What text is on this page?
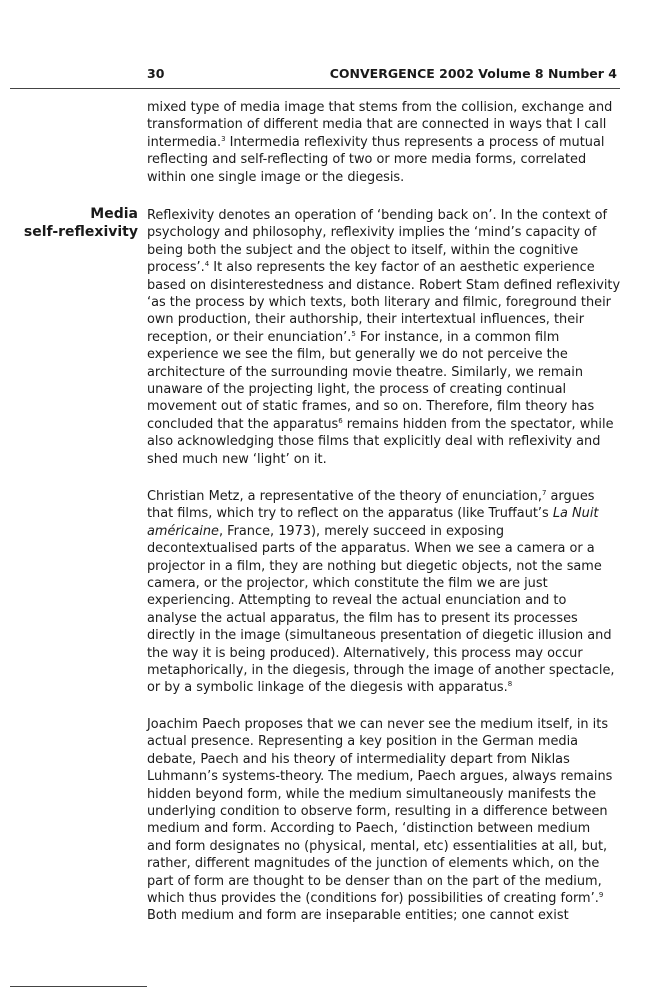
30	CONVERGENCE 2002 Volume 8 Number 4
Media
self-reflexivity
mixed type of media image that stems from the collision, exchange and
transformation of different media that are connected in ways that I call
intermedia.$^3$ Intermedia reflexivity thus represents a process of mutual
reflecting and self-reflecting of two or more media forms, correlated
within one single image or the diegesis.
Reflexivity denotes an operation of ‘bending back on’. In the context of
psychology and philosophy, reflexivity implies the ‘mind’s capacity of
being both the subject and the object to itself, within the cognitive
process’.$^4$ It also represents the key factor of an aesthetic experience
based on disinterestedness and distance. Robert Stam defined reflexivity
‘as the process by which texts, both literary and filmic, foreground their
own production, their authorship, their intertextual influences, their
reception, or their enunciation’.$^5$ For instance, in a common film
experience we see the film, but generally we do not perceive the
architecture of the surrounding movie theatre. Similarly, we remain
unaware of the projecting light, the process of creating continual
movement out of static frames, and so on. Therefore, film theory has
concluded that the apparatus$^6$ remains hidden from the spectator, while
also acknowledging those films that explicitly deal with reflexivity and
shed much new ‘light’ on it.
Christian Metz, a representative of the theory of enunciation,$^7$ argues
that films, which try to reflect on the apparatus (like Truffaut’s La Nuit
américaine, France, 1973), merely succeed in exposing
decontextualised parts of the apparatus. When we see a camera or a
projector in a film, they are nothing but diegetic objects, not the same
camera, or the projector, which constitute the film we are just
experiencing. Attempting to reveal the actual enunciation and to
analyse the actual apparatus, the film has to present its processes
directly in the image (simultaneous presentation of diegetic illusion and
the way it is being produced). Alternatively, this process may occur
metaphorically, in the diegesis, through the image of another spectacle,
or by a symbolic linkage of the diegesis with apparatus.$^8$
Joachim Paech proposes that we can never see the medium itself, in its
actual presence. Representing a key position in the German media
debate, Paech and his theory of intermediality depart from Niklas
Luhmann’s systems-theory. The medium, Paech argues, always remains
hidden beyond form, while the medium simultaneously manifests the
underlying condition to observe form, resulting in a difference between
medium and form. According to Paech, ‘distinction between medium
and form designates no (physical, mental, etc) essentialities at all, but,
rather, different magnitudes of the junction of elements which, on the
part of form are thought to be denser than on the part of the medium,
which thus provides the (conditions for) possibilities of creating form’.$^9$
Both medium and form are inseparable entities; one cannot exist
